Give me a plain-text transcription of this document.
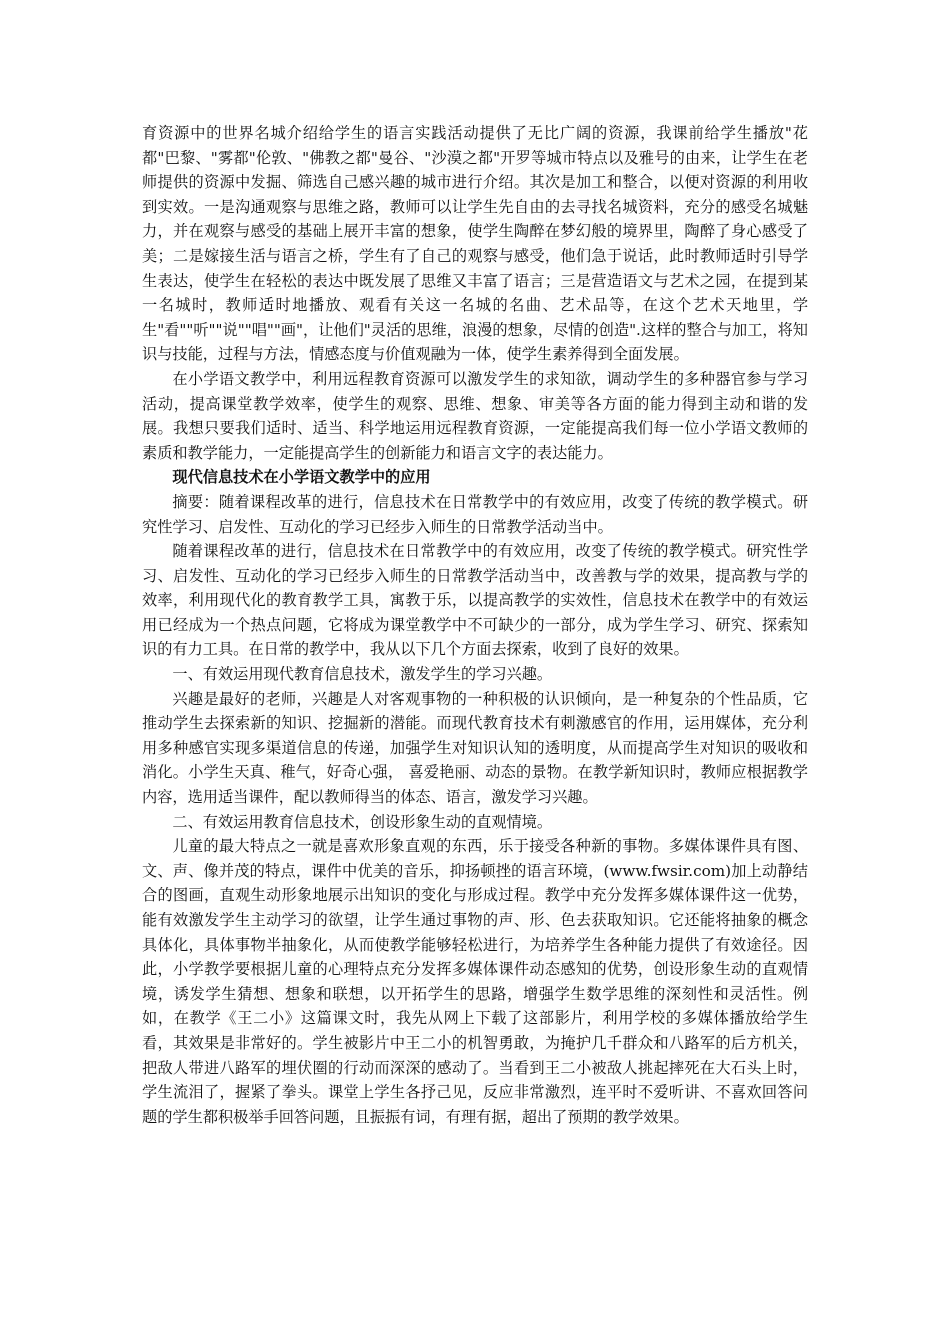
育资源中的世界名城介绍给学生的语言实践活动提供了无比广阔的资源，我课前给学生播放"花都"巴黎、"雾都"伦敦、"佛教之都"曼谷、"沙漠之都"开罗等城市特点以及雅号的由来，让学生在老师提供的资源中发掘、筛选自己感兴趣的城市进行介绍。其次是加工和整合，以便对资源的利用收到实效。一是沟通观察与思维之路，教师可以让学生先自由的去寻找名城资料，充分的感受名城魅力，并在观察与感受的基础上展开丰富的想象，使学生陶醉在梦幻般的境界里，陶醉了身心感受了美；二是嫁接生活与语言之桥，学生有了自己的观察与感受，他们急于说话，此时教师适时引导学生表达，使学生在轻松的表达中既发展了思维又丰富了语言；三是营造语文与艺术之园，在提到某一名城时，教师适时地播放、观看有关这一名城的名曲、艺术品等，在这个艺术天地里，学生"看""听""说""唱""画"，让他们"灵活的思维，浪漫的想象，尽情的创造".这样的整合与加工，将知识与技能，过程与方法，情感态度与价值观融为一体，使学生素养得到全面发展。

在小学语文教学中，利用远程教育资源可以激发学生的求知欲，调动学生的多种器官参与学习活动，提高课堂教学效率，使学生的观察、思维、想象、审美等各方面的能力得到主动和谐的发展。我想只要我们适时、适当、科学地运用远程教育资源，一定能提高我们每一位小学语文教师的素质和教学能力，一定能提高学生的创新能力和语言文字的表达能力。

现代信息技术在小学语文教学中的应用

摘要：随着课程改革的进行，信息技术在日常教学中的有效应用，改变了传统的教学模式。研究性学习、启发性、互动化的学习已经步入师生的日常教学活动当中。

随着课程改革的进行，信息技术在日常教学中的有效应用，改变了传统的教学模式。研究性学习、启发性、互动化的学习已经步入师生的日常教学活动当中，改善教与学的效果，提高教与学的效率，利用现代化的教育教学工具，寓教于乐，以提高教学的实效性，信息技术在教学中的有效运用已经成为一个热点问题，它将成为课堂教学中不可缺少的一部分，成为学生学习、研究、探索知识的有力工具。在日常的教学中，我从以下几个方面去探索，收到了良好的效果。

一、有效运用现代教育信息技术，激发学生的学习兴趣。

兴趣是最好的老师，兴趣是人对客观事物的一种积极的认识倾向，是一种复杂的个性品质，它推动学生去探索新的知识、挖掘新的潜能。而现代教育技术有刺激感官的作用，运用媒体，充分利用多种感官实现多渠道信息的传递，加强学生对知识认知的透明度，从而提高学生对知识的吸收和消化。小学生天真、稚气，好奇心强， 喜爱艳丽、动态的景物。在教学新知识时，教师应根据教学内容，选用适当课件，配以教师得当的体态、语言，激发学习兴趣。

二、有效运用教育信息技术，创设形象生动的直观情境。

儿童的最大特点之一就是喜欢形象直观的东西，乐于接受各种新的事物。多媒体课件具有图、文、声、像并茂的特点，课件中优美的音乐，抑扬顿挫的语言环境，(www.fwsir.com)加上动静结合的图画，直观生动形象地展示出知识的变化与形成过程。教学中充分发挥多媒体课件这一优势，能有效激发学生主动学习的欲望，让学生通过事物的声、形、色去获取知识。它还能将抽象的概念具体化，具体事物半抽象化，从而使教学能够轻松进行，为培养学生各种能力提供了有效途径。因此，小学教学要根据儿童的心理特点充分发挥多媒体课件动态感知的优势，创设形象生动的直观情境，诱发学生猜想、想象和联想，以开拓学生的思路，增强学生数学思维的深刻性和灵活性。例如，在教学《王二小》这篇课文时，我先从网上下载了这部影片，利用学校的多媒体播放给学生看，其效果是非常好的。学生被影片中王二小的机智勇敢，为掩护几千群众和八路军的后方机关，把敌人带进八路军的埋伏圈的行动而深深的感动了。当看到王二小被敌人挑起摔死在大石头上时，学生流泪了，握紧了拳头。课堂上学生各抒己见，反应非常激烈，连平时不爱听讲、不喜欢回答问题的学生都积极举手回答问题，且振振有词，有理有据，超出了预期的教学效果。
